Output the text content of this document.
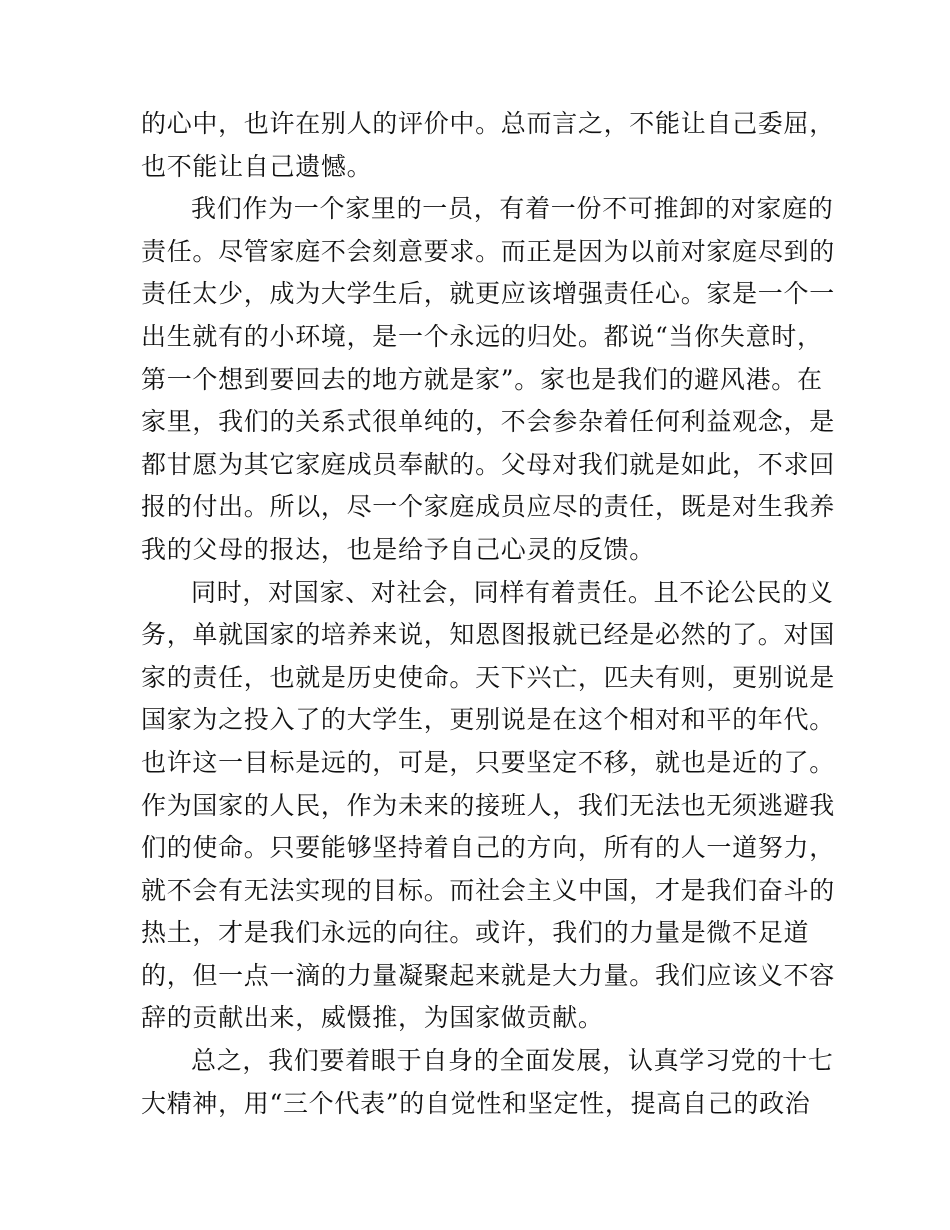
的心中，也许在别人的评价中。总而言之，不能让自己委屈，
也不能让自己遗憾。
我们作为一个家里的一员，有着一份不可推卸的对家庭的
责任。尽管家庭不会刻意要求。而正是因为以前对家庭尽到的
责任太少，成为大学生后，就更应该增强责任心。家是一个一
出生就有的小环境，是一个永远的归处。都说“当你失意时，
第一个想到要回去的地方就是家”。家也是我们的避风港。在
家里，我们的关系式很单纯的，不会参杂着任何利益观念，是
都甘愿为其它家庭成员奉献的。父母对我们就是如此，不求回
报的付出。所以，尽一个家庭成员应尽的责任，既是对生我养
我的父母的报达，也是给予自己心灵的反馈。
同时，对国家、对社会，同样有着责任。且不论公民的义
务，单就国家的培养来说，知恩图报就已经是必然的了。对国
家的责任，也就是历史使命。天下兴亡，匹夫有则，更别说是
国家为之投入了的大学生，更别说是在这个相对和平的年代。
也许这一目标是远的，可是，只要坚定不移，就也是近的了。
作为国家的人民，作为未来的接班人，我们无法也无须逃避我
们的使命。只要能够坚持着自己的方向，所有的人一道努力，
就不会有无法实现的目标。而社会主义中国，才是我们奋斗的
热土，才是我们永远的向往。或许，我们的力量是微不足道
的，但一点一滴的力量凝聚起来就是大力量。我们应该义不容
辞的贡献出来，威慑推，为国家做贡献。
总之，我们要着眼于自身的全面发展，认真学习党的十七
大精神，用“三个代表”的自觉性和坚定性，提高自己的政治
